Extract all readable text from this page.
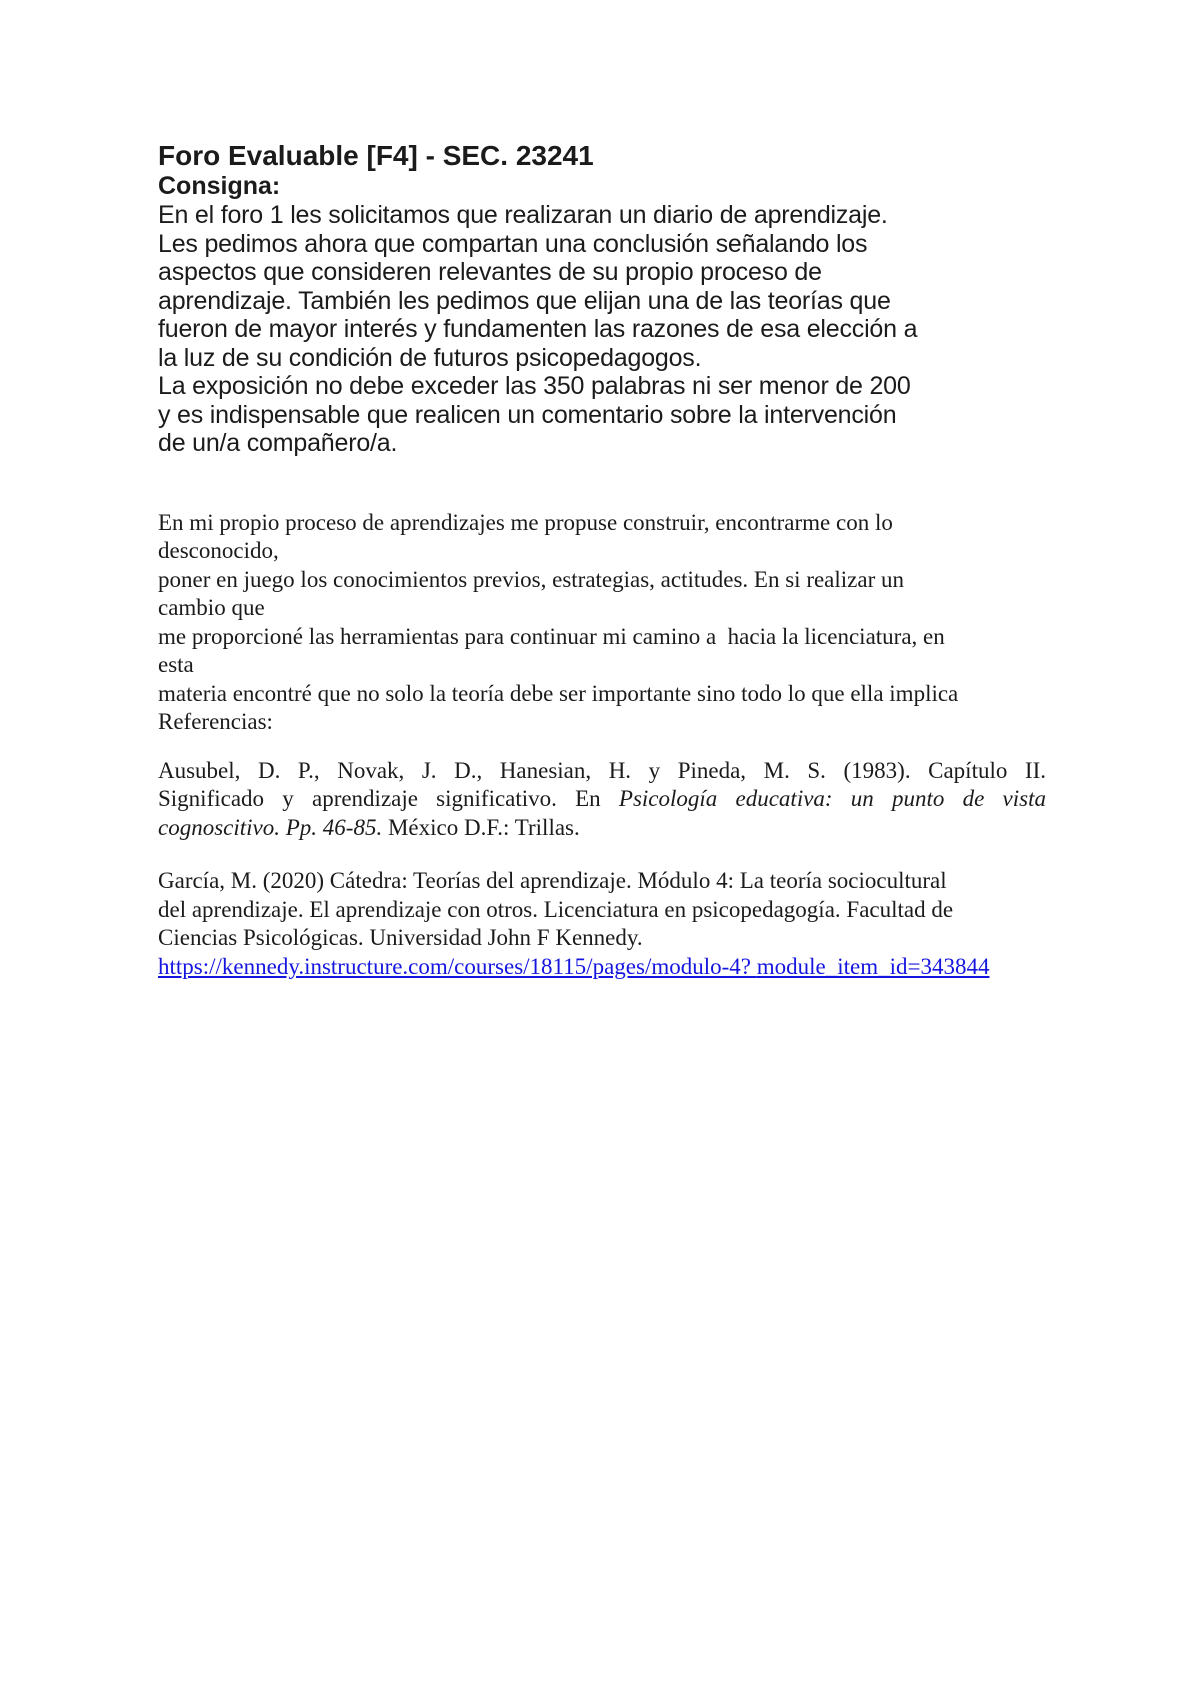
Foro Evaluable [F4] - SEC. 23241
Consigna:
En el foro 1 les solicitamos que realizaran un diario de aprendizaje.
Les pedimos ahora que compartan una conclusión señalando los
aspectos que consideren relevantes de su propio proceso de
aprendizaje. También les pedimos que elijan una de las teorías que
fueron de mayor interés y fundamenten las razones de esa elección a
la luz de su condición de futuros psicopedagogos.
La exposición no debe exceder las 350 palabras ni ser menor de 200
y es indispensable que realicen un comentario sobre la intervención
de un/a compañero/a.
En mi propio proceso de aprendizajes me propuse construir, encontrarme con lo
desconocido,
poner en juego los conocimientos previos, estrategias, actitudes. En si realizar un
cambio que
me proporcioné las herramientas para continuar mi camino a  hacia la licenciatura, en
esta
materia encontré que no solo la teoría debe ser importante sino todo lo que ella implica
Referencias:
Ausubel, D. P., Novak, J. D., Hanesian, H. y Pineda, M. S. (1983). Capítulo II.
Significado y aprendizaje significativo. En Psicología educativa: un punto de vista
cognoscitivo. Pp. 46-85. México D.F.: Trillas.
García, M. (2020) Cátedra: Teorías del aprendizaje. Módulo 4: La teoría sociocultural
del aprendizaje. El aprendizaje con otros. Licenciatura en psicopedagogía. Facultad de
Ciencias Psicológicas. Universidad John F Kennedy.
https://kennedy.instructure.com/courses/18115/pages/modulo-4? module_item_id=343844
